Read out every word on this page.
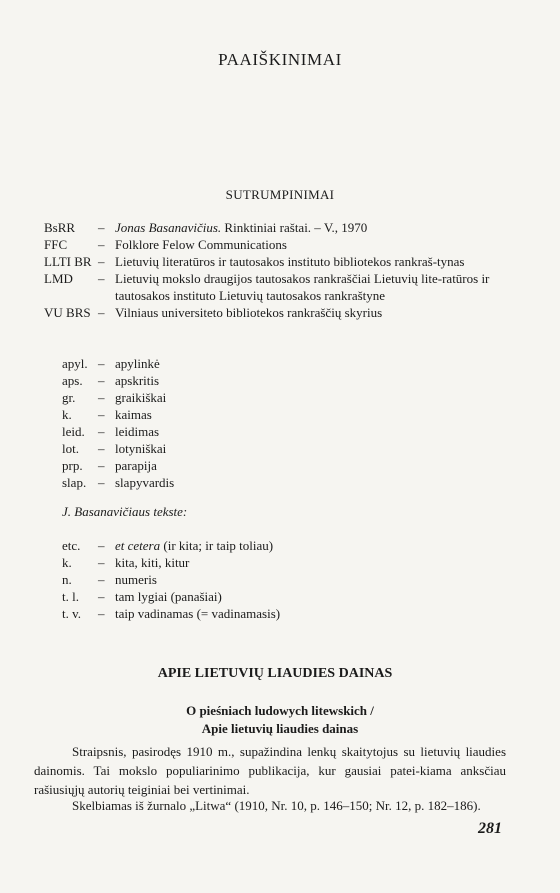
PAAIŠKINIMAI
SUTRUMPINIMAI
BsRR	– Jonas Basanavičius. Rinktiniai raštai. – V., 1970
FFC	– Folklore Felow Communications
LLTI BR – Lietuvių literatūros ir tautosakos instituto bibliotekos rankraš-tynas
LMD	– Lietuvių mokslo draugijos tautosakos rankraščiai Lietuvių lite-ratūros ir tautosakos instituto Lietuvių tautosakos rankraštyne
VU BRS – Vilniaus universiteto bibliotekos rankraščių skyrius
apyl. – apylinkė
aps.	– apskritis
gr.	– graikiškai
k.	– kaimas
leid.	– leidimas
lot.	– lotyniškai
prp.	– parapija
slap. – slapyvardis
J. Basanavičiaus tekste:
etc.	– et cetera (ir kita; ir taip toliau)
k.	– kita, kiti, kitur
n.	– numeris
t. l.	– tam lygiai (panašiai)
t. v.	– taip vadinamas (= vadinamasis)
APIE LIETUVIŲ LIAUDIES DAINAS
O pieśniach ludowych litewskich /
Apie lietuvių liaudies dainas
Straipsnis, pasirodęs 1910 m., supažindina lenkų skaitytojus su lietuvių liaudies dainomis. Tai mokslo populiarinimo publikacija, kur gausiai patei-kiama anksčiau rašiusiųjų autorių teiginiai bei vertinimai.
Skelbiamas iš žurnalo „Litwa“ (1910, Nr. 10, p. 146–150; Nr. 12, p. 182–186).
281
